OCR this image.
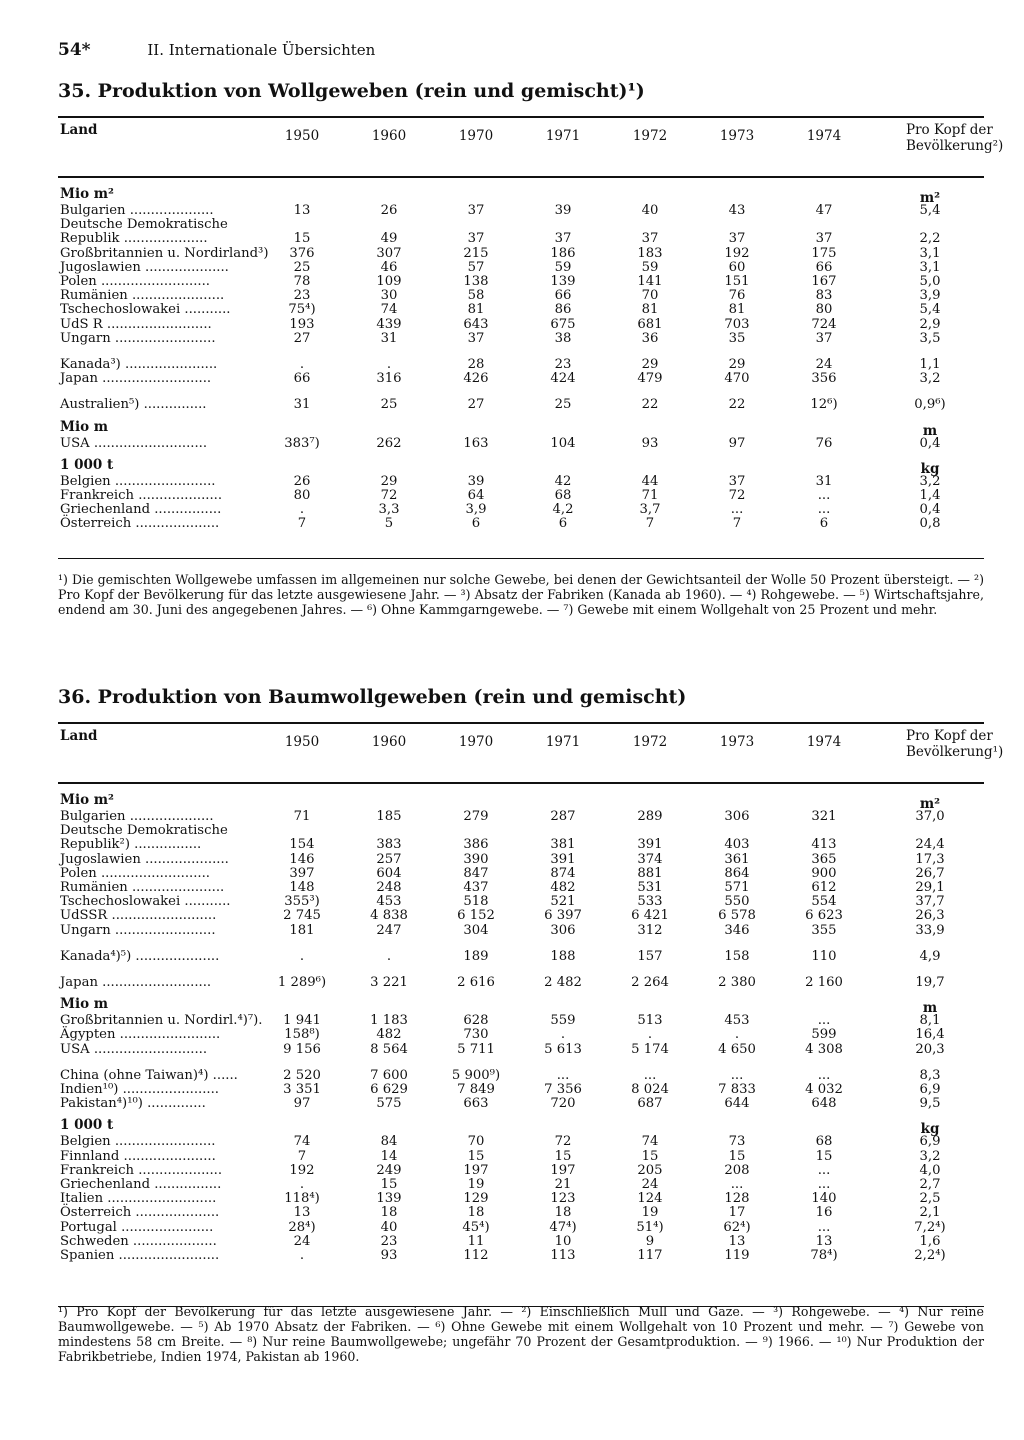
54*	II. Internationale Übersichten
35. Produktion von Wollgeweben (rein und gemischt)¹)
Land	1950	1960	1970	1971	1972	1973	1974	Pro Kopf der Bevölkerung²)
Mio m²	m²
Bulgarien ....................	13	26	37	39	40	43	47	5,4
Deutsche Demokratische
Republik ....................	15	49	37	37	37	37	37	2,2
Großbritannien u. Nordirland³)	376	307	215	186	183	192	175	3,1
Jugoslawien ....................	25	46	57	59	59	60	66	3,1
Polen ..........................	78	109	138	139	141	151	167	5,0
Rumänien ......................	23	30	58	66	70	76	83	3,9
Tschechoslowakei ...........	75⁴)	74	81	86	81	81	80	5,4
UdS R .........................	193	439	643	675	681	703	724	2,9
Ungarn ........................	27	31	37	38	36	35	37	3,5
Kanada³) ......................	.	.	28	23	29	29	24	1,1
Japan ..........................	66	316	426	424	479	470	356	3,2
Australien⁵) ...............	31	25	27	25	22	22	12⁶)	0,9⁶)
Mio m	m
USA ...........................	383⁷)	262	163	104	93	97	76	0,4
1 000 t	kg
Belgien ........................	26	29	39	42	44	37	31	3,2
Frankreich ....................	80	72	64	68	71	72	...	1,4
Griechenland ................	.	3,3	3,9	4,2	3,7	...	...	0,4
Österreich ....................	7	5	6	6	7	7	6	0,8

¹) Die gemischten Wollgewebe umfassen im allgemeinen nur solche Gewebe, bei denen der Gewichtsanteil der Wolle 50 Prozent übersteigt. — ²) Pro Kopf der Bevölkerung für das letzte ausgewiesene Jahr. — ³) Absatz der Fabriken (Kanada ab 1960). — ⁴) Rohgewebe. — ⁵) Wirtschaftsjahre, endend am 30. Juni des angegebenen Jahres. — ⁶) Ohne Kammgarngewebe. — ⁷) Gewebe mit einem Wollgehalt von 25 Prozent und mehr.

36. Produktion von Baumwollgeweben (rein und gemischt)
Land	1950	1960	1970	1971	1972	1973	1974	Pro Kopf der Bevölkerung¹)
Mio m²	m²
Bulgarien ....................	71	185	279	287	289	306	321	37,0
Deutsche Demokratische
Republik²) ................	154	383	386	381	391	403	413	24,4
Jugoslawien ....................	146	257	390	391	374	361	365	17,3
Polen ..........................	397	604	847	874	881	864	900	26,7
Rumänien ......................	148	248	437	482	531	571	612	29,1
Tschechoslowakei ...........	355³)	453	518	521	533	550	554	37,7
UdSSR .........................	2 745	4 838	6 152	6 397	6 421	6 578	6 623	26,3
Ungarn ........................	181	247	304	306	312	346	355	33,9
Kanada⁴)⁵) ....................	.	.	189	188	157	158	110	4,9
Japan ..........................	1 289⁶)	3 221	2 616	2 482	2 264	2 380	2 160	19,7
Mio m	m
Großbritannien u. Nordirl.⁴)⁷).	1 941	1 183	628	559	513	453	...	8,1
Ägypten ........................	158⁸)	482	730	.	.	.	599	16,4
USA ...........................	9 156	8 564	5 711	5 613	5 174	4 650	4 308	20,3
China (ohne Taiwan)⁴) ......	2 520	7 600	5 900⁹)	...	...	...	...	8,3
Indien¹⁰) .......................	3 351	6 629	7 849	7 356	8 024	7 833	4 032	6,9
Pakistan⁴)¹⁰) ..............	97	575	663	720	687	644	648	9,5
1 000 t	kg
Belgien ........................	74	84	70	72	74	73	68	6,9
Finnland ......................	7	14	15	15	15	15	15	3,2
Frankreich ....................	192	249	197	197	205	208	...	4,0
Griechenland ................	.	15	19	21	24	...	...	2,7
Italien ..........................	118⁴)	139	129	123	124	128	140	2,5
Österreich ....................	13	18	18	18	19	17	16	2,1
Portugal ......................	28⁴)	40	45⁴)	47⁴)	51⁴)	62⁴)	...	7,2⁴)
Schweden ....................	24	23	11	10	9	13	13	1,6
Spanien ........................	.	93	112	113	117	119	78⁴)	2,2⁴)

¹) Pro Kopf der Bevölkerung für das letzte ausgewiesene Jahr. — ²) Einschließlich Mull und Gaze. — ³) Rohgewebe. — ⁴) Nur reine Baumwollgewebe. — ⁵) Ab 1970 Absatz der Fabriken. — ⁶) Ohne Gewebe mit einem Wollgehalt von 10 Prozent und mehr. — ⁷) Gewebe von mindestens 58 cm Breite. — ⁸) Nur reine Baumwollgewebe; ungefähr 70 Prozent der Gesamtproduktion. — ⁹) 1966. — ¹⁰) Nur Produktion der Fabrikbetriebe, Indien 1974, Pakistan ab 1960.
